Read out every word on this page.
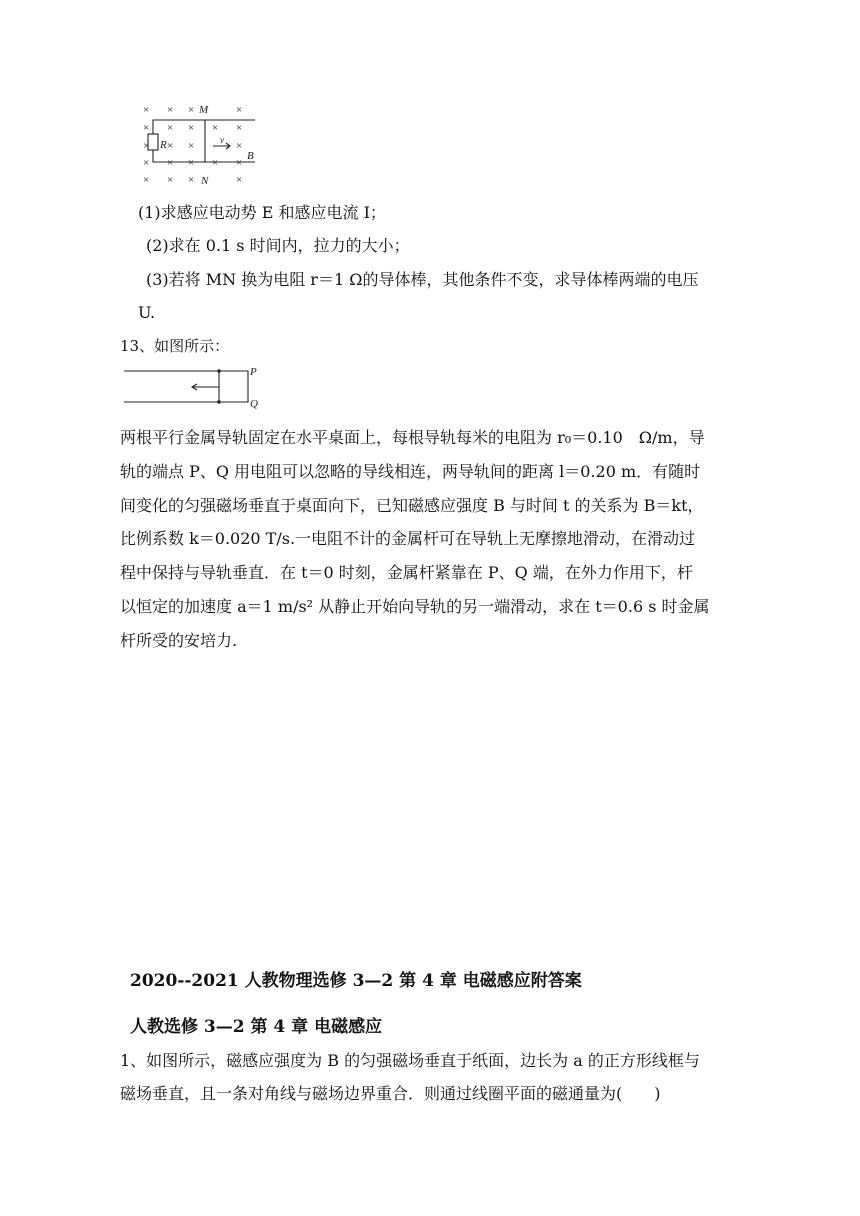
× × ×	×
× × × × ×
×	×	×
× × × × ×
× × ×	×
×
M
N
R
B
v
(1)求感应电动势 E 和感应电流 I；
(2)求在 0.1 s 时间内，拉力的大小；
(3)若将 MN 换为电阻 r＝1 Ω的导体棒，其他条件不变，求导体棒两端的电压
U.
13、如图所示：
P
Q
两根平行金属导轨固定在水平桌面上，每根导轨每米的电阻为 r₀＝0.10　Ω/m，导
轨的端点 P、Q 用电阻可以忽略的导线相连，两导轨间的距离 l＝0.20 m．有随时
间变化的匀强磁场垂直于桌面向下，已知磁感应强度 B 与时间 t 的关系为 B＝kt，
比例系数 k＝0.020 T/s.一电阻不计的金属杆可在导轨上无摩擦地滑动，在滑动过
程中保持与导轨垂直．在 t＝0 时刻，金属杆紧靠在 P、Q 端，在外力作用下，杆
以恒定的加速度 a＝1 m/s² 从静止开始向导轨的另一端滑动，求在 t＝0.6 s 时金属
杆所受的安培力.
2020--2021 人教物理选修 3—2 第 4 章 电磁感应附答案
人教选修 3—2 第 4 章 电磁感应
1、如图所示，磁感应强度为 B 的匀强磁场垂直于纸面，边长为 a 的正方形线框与
磁场垂直，且一条对角线与磁场边界重合．则通过线圈平面的磁通量为(　　)
